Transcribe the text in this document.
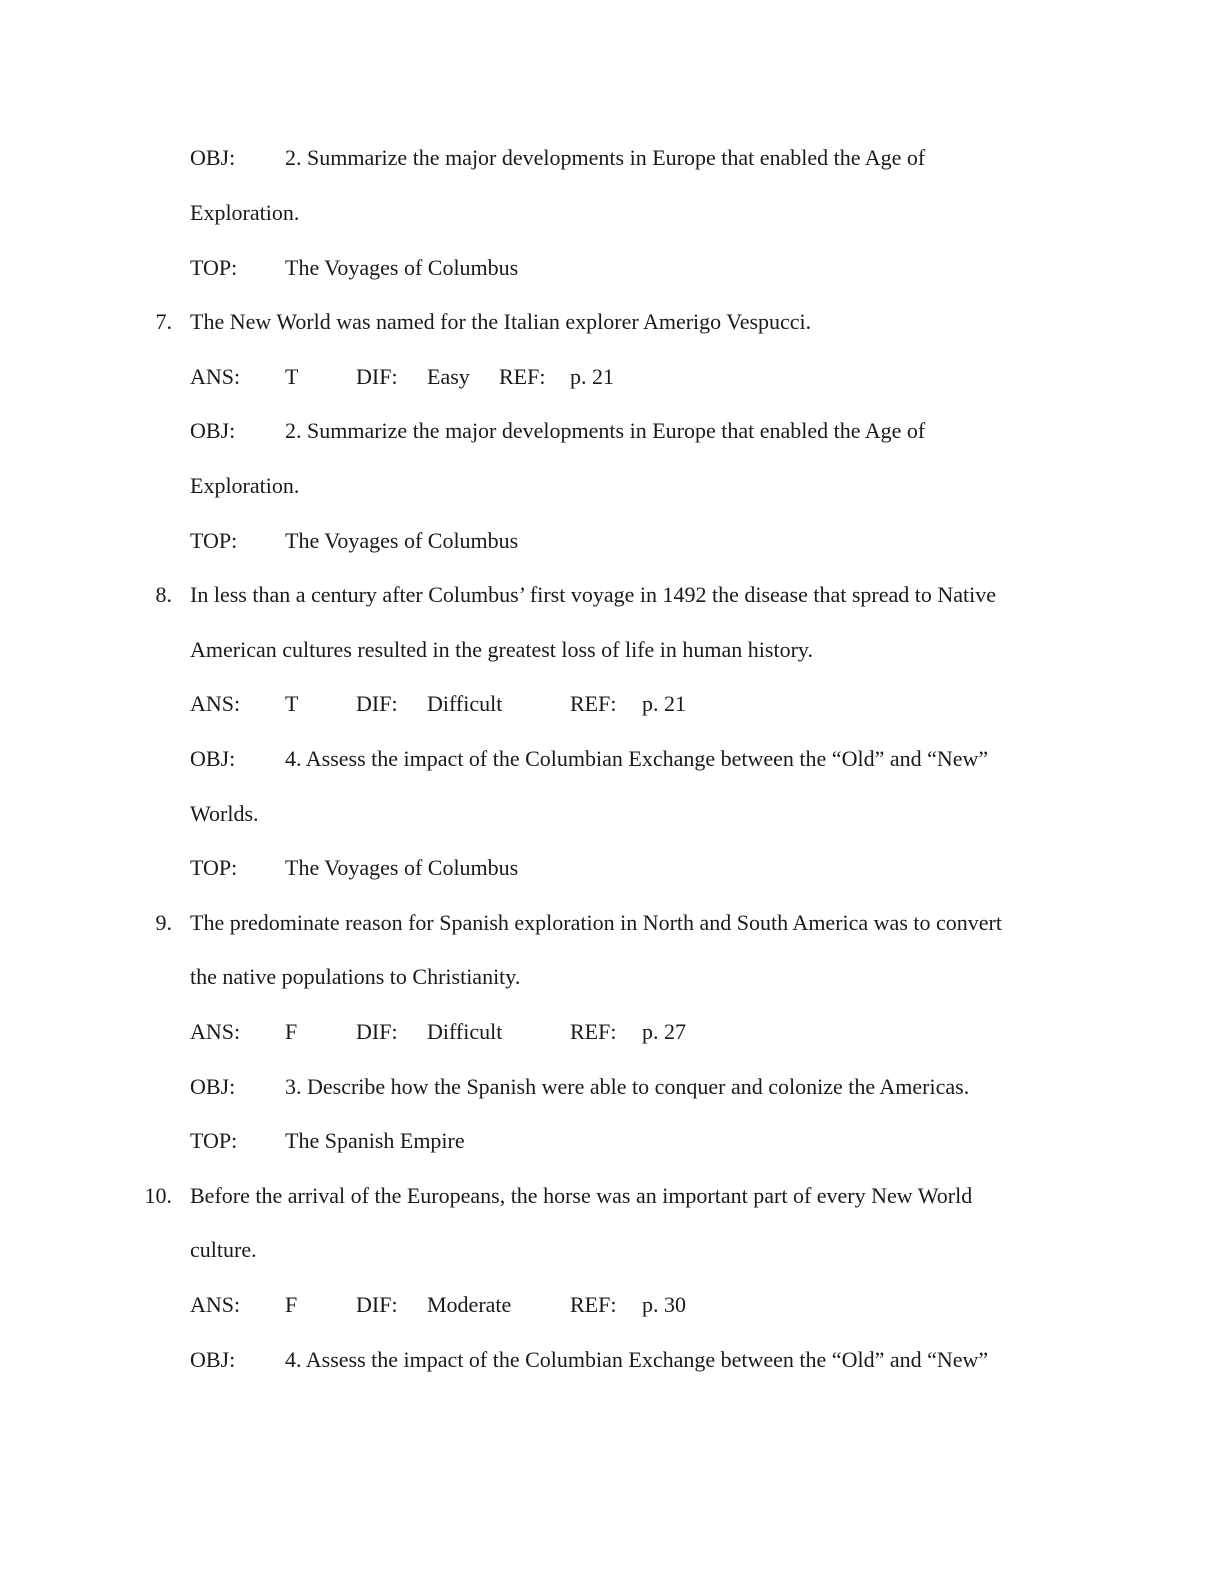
OBJ: 2. Summarize the major developments in Europe that enabled the Age of
Exploration.
TOP: The Voyages of Columbus
7. The New World was named for the Italian explorer Amerigo Vespucci.
ANS: T	DIF: Easy REF: p. 21
OBJ: 2. Summarize the major developments in Europe that enabled the Age of
Exploration.
TOP: The Voyages of Columbus
8. In less than a century after Columbus’ first voyage in 1492 the disease that spread to Native
American cultures resulted in the greatest loss of life in human history.
ANS: T	DIF: Difficult	REF: p. 21
OBJ: 4. Assess the impact of the Columbian Exchange between the “Old” and “New”
Worlds.
TOP: The Voyages of Columbus
9. The predominate reason for Spanish exploration in North and South America was to convert
the native populations to Christianity.
ANS: F	DIF: Difficult	REF: p. 27
OBJ: 3. Describe how the Spanish were able to conquer and colonize the Americas.
TOP: The Spanish Empire
10. Before the arrival of the Europeans, the horse was an important part of every New World
culture.
ANS: F	DIF: Moderate	REF: p. 30
OBJ: 4. Assess the impact of the Columbian Exchange between the “Old” and “New”
